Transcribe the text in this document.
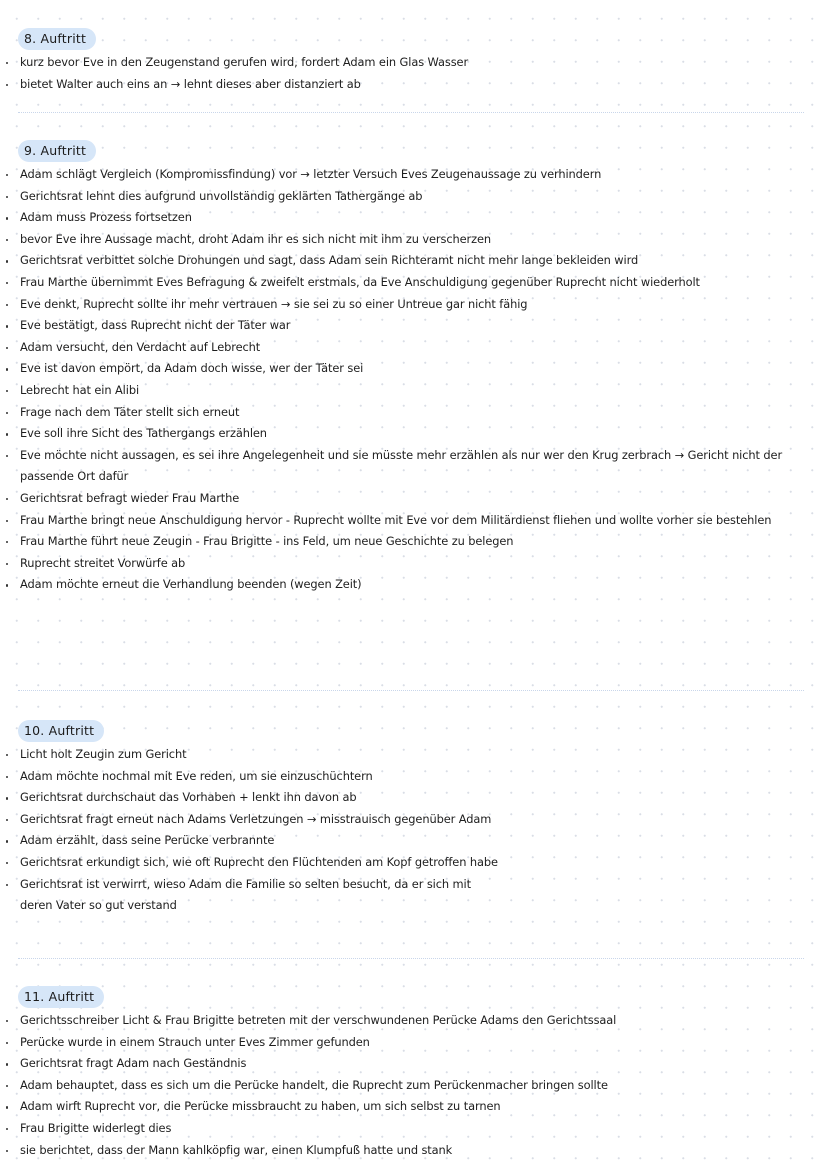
8. Auftritt
kurz bevor Eve in den Zeugenstand gerufen wird, fordert Adam ein Glas Wasser
bietet Walter auch eins an → lehnt dieses aber distanziert ab
9. Auftritt
Adam schlägt Vergleich (Kompromissfindung) vor → letzter Versuch Eves Zeugenaussage zu verhindern
Gerichtsrat lehnt dies aufgrund unvollständig geklärten Tathergänge ab
Adam muss Prozess fortsetzen
bevor Eve ihre Aussage macht, droht Adam ihr es sich nicht mit ihm zu verscherzen
Gerichtsrat verbittet solche Drohungen und sagt, dass Adam sein Richteramt nicht mehr lange bekleiden wird
Frau Marthe übernimmt Eves Befragung & zweifelt erstmals, da Eve Anschuldigung gegenüber Ruprecht nicht wiederholt
Eve denkt, Ruprecht sollte ihr mehr vertrauen → sie sei zu so einer Untreue gar nicht fähig
Eve bestätigt, dass Ruprecht nicht der Täter war
Adam versucht, den Verdacht auf Lebrecht
Eve ist davon empört, da Adam doch wisse, wer der Täter sei
Lebrecht hat ein Alibi
Frage nach dem Täter stellt sich erneut
Eve soll ihre Sicht des Tathergangs erzählen
Eve möchte nicht aussagen, es sei ihre Angelegenheit und sie müsste mehr erzählen als nur wer den Krug zerbrach → Gericht nicht der passende Ort dafür
Gerichtsrat befragt wieder Frau Marthe
Frau Marthe bringt neue Anschuldigung hervor - Ruprecht wollte mit Eve vor dem Militärdienst fliehen und wollte vorher sie bestehlen
Frau Marthe führt neue Zeugin - Frau Brigitte - ins Feld, um neue Geschichte zu belegen
Ruprecht streitet Vorwürfe ab
Adam möchte erneut die Verhandlung beenden (wegen Zeit)
10. Auftritt
Licht holt Zeugin zum Gericht
Adam möchte nochmal mit Eve reden, um sie einzuschüchtern
Gerichtsrat durchschaut das Vorhaben + lenkt ihn davon ab
Gerichtsrat fragt erneut nach Adams Verletzungen → misstrauisch gegenüber Adam
Adam erzählt, dass seine Perücke verbrannte
Gerichtsrat erkundigt sich, wie oft Ruprecht den Flüchtenden am Kopf getroffen habe
Gerichtsrat ist verwirrt, wieso Adam die Familie so selten besucht, da er sich mit deren Vater so gut verstand
11. Auftritt
Gerichtsschreiber Licht & Frau Brigitte betreten mit der verschwundenen Perücke Adams den Gerichtssaal
Perücke wurde in einem Strauch unter Eves Zimmer gefunden
Gerichtsrat fragt Adam nach Geständnis
Adam behauptet, dass es sich um die Perücke handelt, die Ruprecht zum Perückenmacher bringen sollte
Adam wirft Ruprecht vor, die Perücke missbraucht zu haben, um sich selbst zu tarnen
Frau Brigitte widerlegt dies
sie berichtet, dass der Mann kahlköpfig war, einen Klumpfuß hatte und stank
